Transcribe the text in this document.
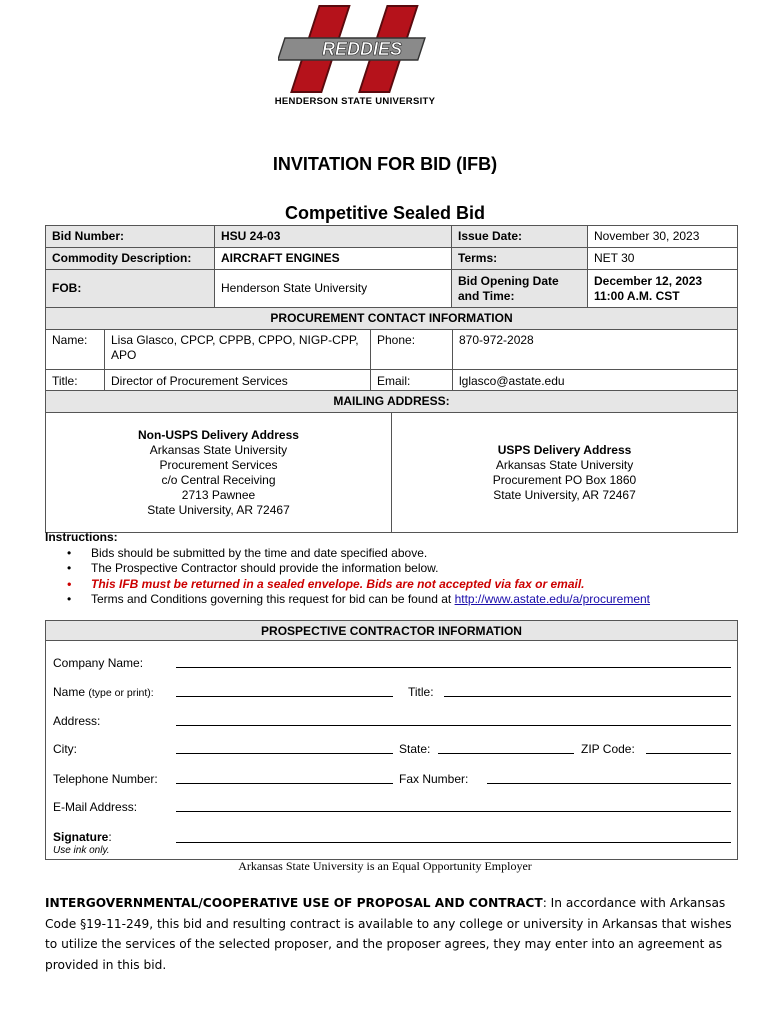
REDDIES
HENDERSON STATE UNIVERSITY
INVITATION FOR BID (IFB)
Competitive Sealed Bid
Bid Number:	HSU 24-03	Issue Date:	November 30, 2023
Commodity Description:	AIRCRAFT ENGINES	Terms:	NET 30
FOB:	Henderson State University	Bid Opening Date and Time:	December 12, 2023
11:00 A.M. CST
PROCUREMENT CONTACT INFORMATION			
Name:	Lisa Glasco, CPCP, CPPB, CPPO, NIGP-CPP, APO	Phone:	870-972-2028
Title:	Director of Procurement Services	Email:	lglasco@astate.edu
MAILING ADDRESS:

Non-USPS Delivery Address
Arkansas State University
Procurement Services
c/o Central Receiving
2713 Pawnee
State University, AR 72467

USPS Delivery Address
Arkansas State University
Procurement PO Box 1860
State University, AR 72467
Instructions:
• Bids should be submitted by the time and date specified above.
• The Prospective Contractor should provide the information below.
• This IFB must be returned in a sealed envelope. Bids are not accepted via fax or email.
• Terms and Conditions governing this request for bid can be found at http://www.astate.edu/a/procurement
PROSPECTIVE CONTRACTOR INFORMATION
Company Name:
Name (type or print):	Title:
Address:
City:	State:	ZIP Code:
Telephone Number:	Fax Number:
E-Mail Address:
Signature:
Use ink only.
Arkansas State University is an Equal Opportunity Employer
INTERGOVERNMENTAL/COOPERATIVE USE OF PROPOSAL AND CONTRACT: In accordance with Arkansas Code §19-11-249, this bid and resulting contract is available to any college or university in Arkansas that wishes to utilize the services of the selected proposer, and the proposer agrees, they may enter into an agreement as provided in this bid.
